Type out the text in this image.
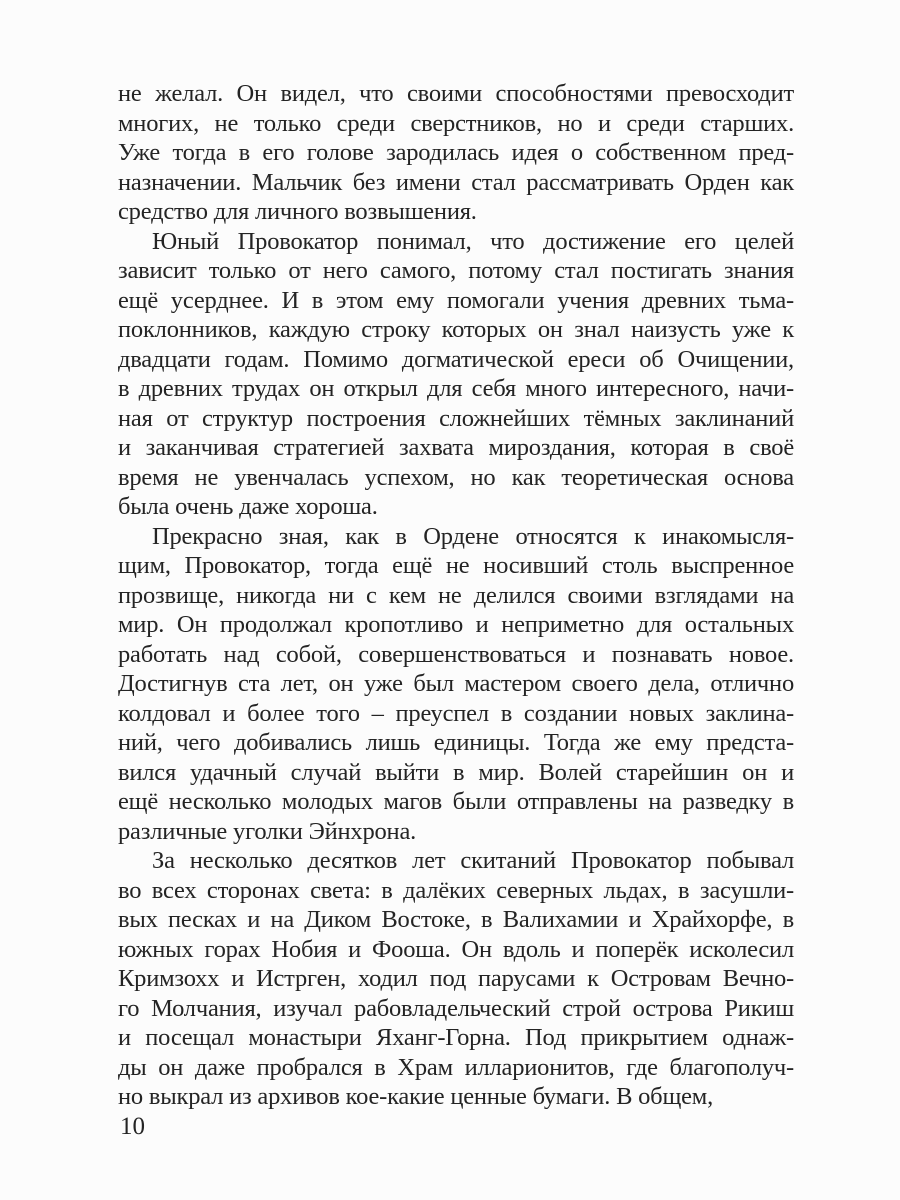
не желал. Он видел, что своими способностями превосходит
многих, не только среди сверстников, но и среди старших.
Уже тогда в его голове зародилась идея о собственном пред-
назначении. Мальчик без имени стал рассматривать Орден как
средство для личного возвышения.
Юный Провокатор понимал, что достижение его целей
зависит только от него самого, потому стал постигать знания
ещё усерднее. И в этом ему помогали учения древних тьма-
поклонников, каждую строку которых он знал наизусть уже к
двадцати годам. Помимо догматической ереси об Очищении,
в древних трудах он открыл для себя много интересного, начи-
ная от структур построения сложнейших тёмных заклинаний
и заканчивая стратегией захвата мироздания, которая в своё
время не увенчалась успехом, но как теоретическая основа
была очень даже хороша.
Прекрасно зная, как в Ордене относятся к инакомысля-
щим, Провокатор, тогда ещё не носивший столь выспренное
прозвище, никогда ни с кем не делился своими взглядами на
мир. Он продолжал кропотливо и неприметно для остальных
работать над собой, совершенствоваться и познавать новое.
Достигнув ста лет, он уже был мастером своего дела, отлично
колдовал и более того – преуспел в создании новых заклина-
ний, чего добивались лишь единицы. Тогда же ему предста-
вился удачный случай выйти в мир. Волей старейшин он и
ещё несколько молодых магов были отправлены на разведку в
различные уголки Эйнхрона.
За несколько десятков лет скитаний Провокатор побывал
во всех сторонах света: в далёких северных льдах, в засушли-
вых песках и на Диком Востоке, в Валихамии и Храйхорфе, в
южных горах Нобия и Фооша. Он вдоль и поперёк исколесил
Кримзохх и Истрген, ходил под парусами к Островам Вечно-
го Молчания, изучал рабовладельческий строй острова Рикиш
и посещал монастыри Яханг-Горна. Под прикрытием однаж-
ды он даже пробрался в Храм илларионитов, где благополуч-
но выкрал из архивов кое-какие ценные бумаги. В общем,
10
